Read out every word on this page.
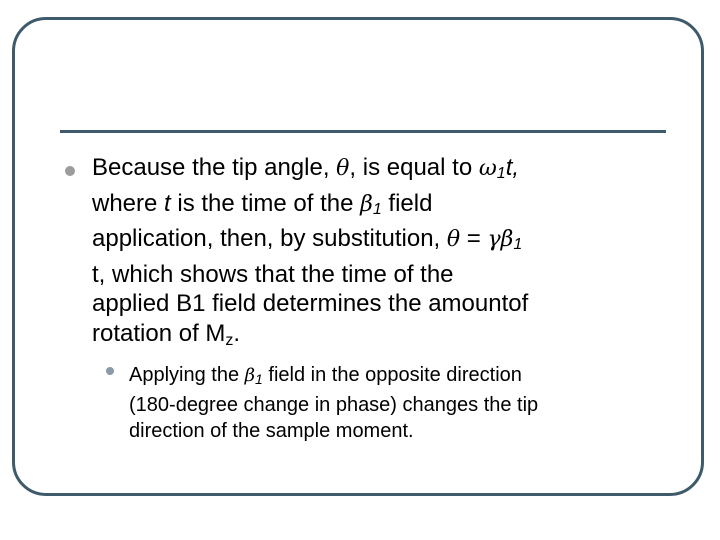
Because the tip angle, θ, is equal to ω1t,
where t is the time of the β1 field
application, then, by substitution, θ = γβ1
t, which shows that the time of the
applied B1 field determines the amountof
rotation of Mz.

Applying the $\beta_1$ field in the opposite direction
(180-degree change in phase) changes the tip
direction of the sample moment.
